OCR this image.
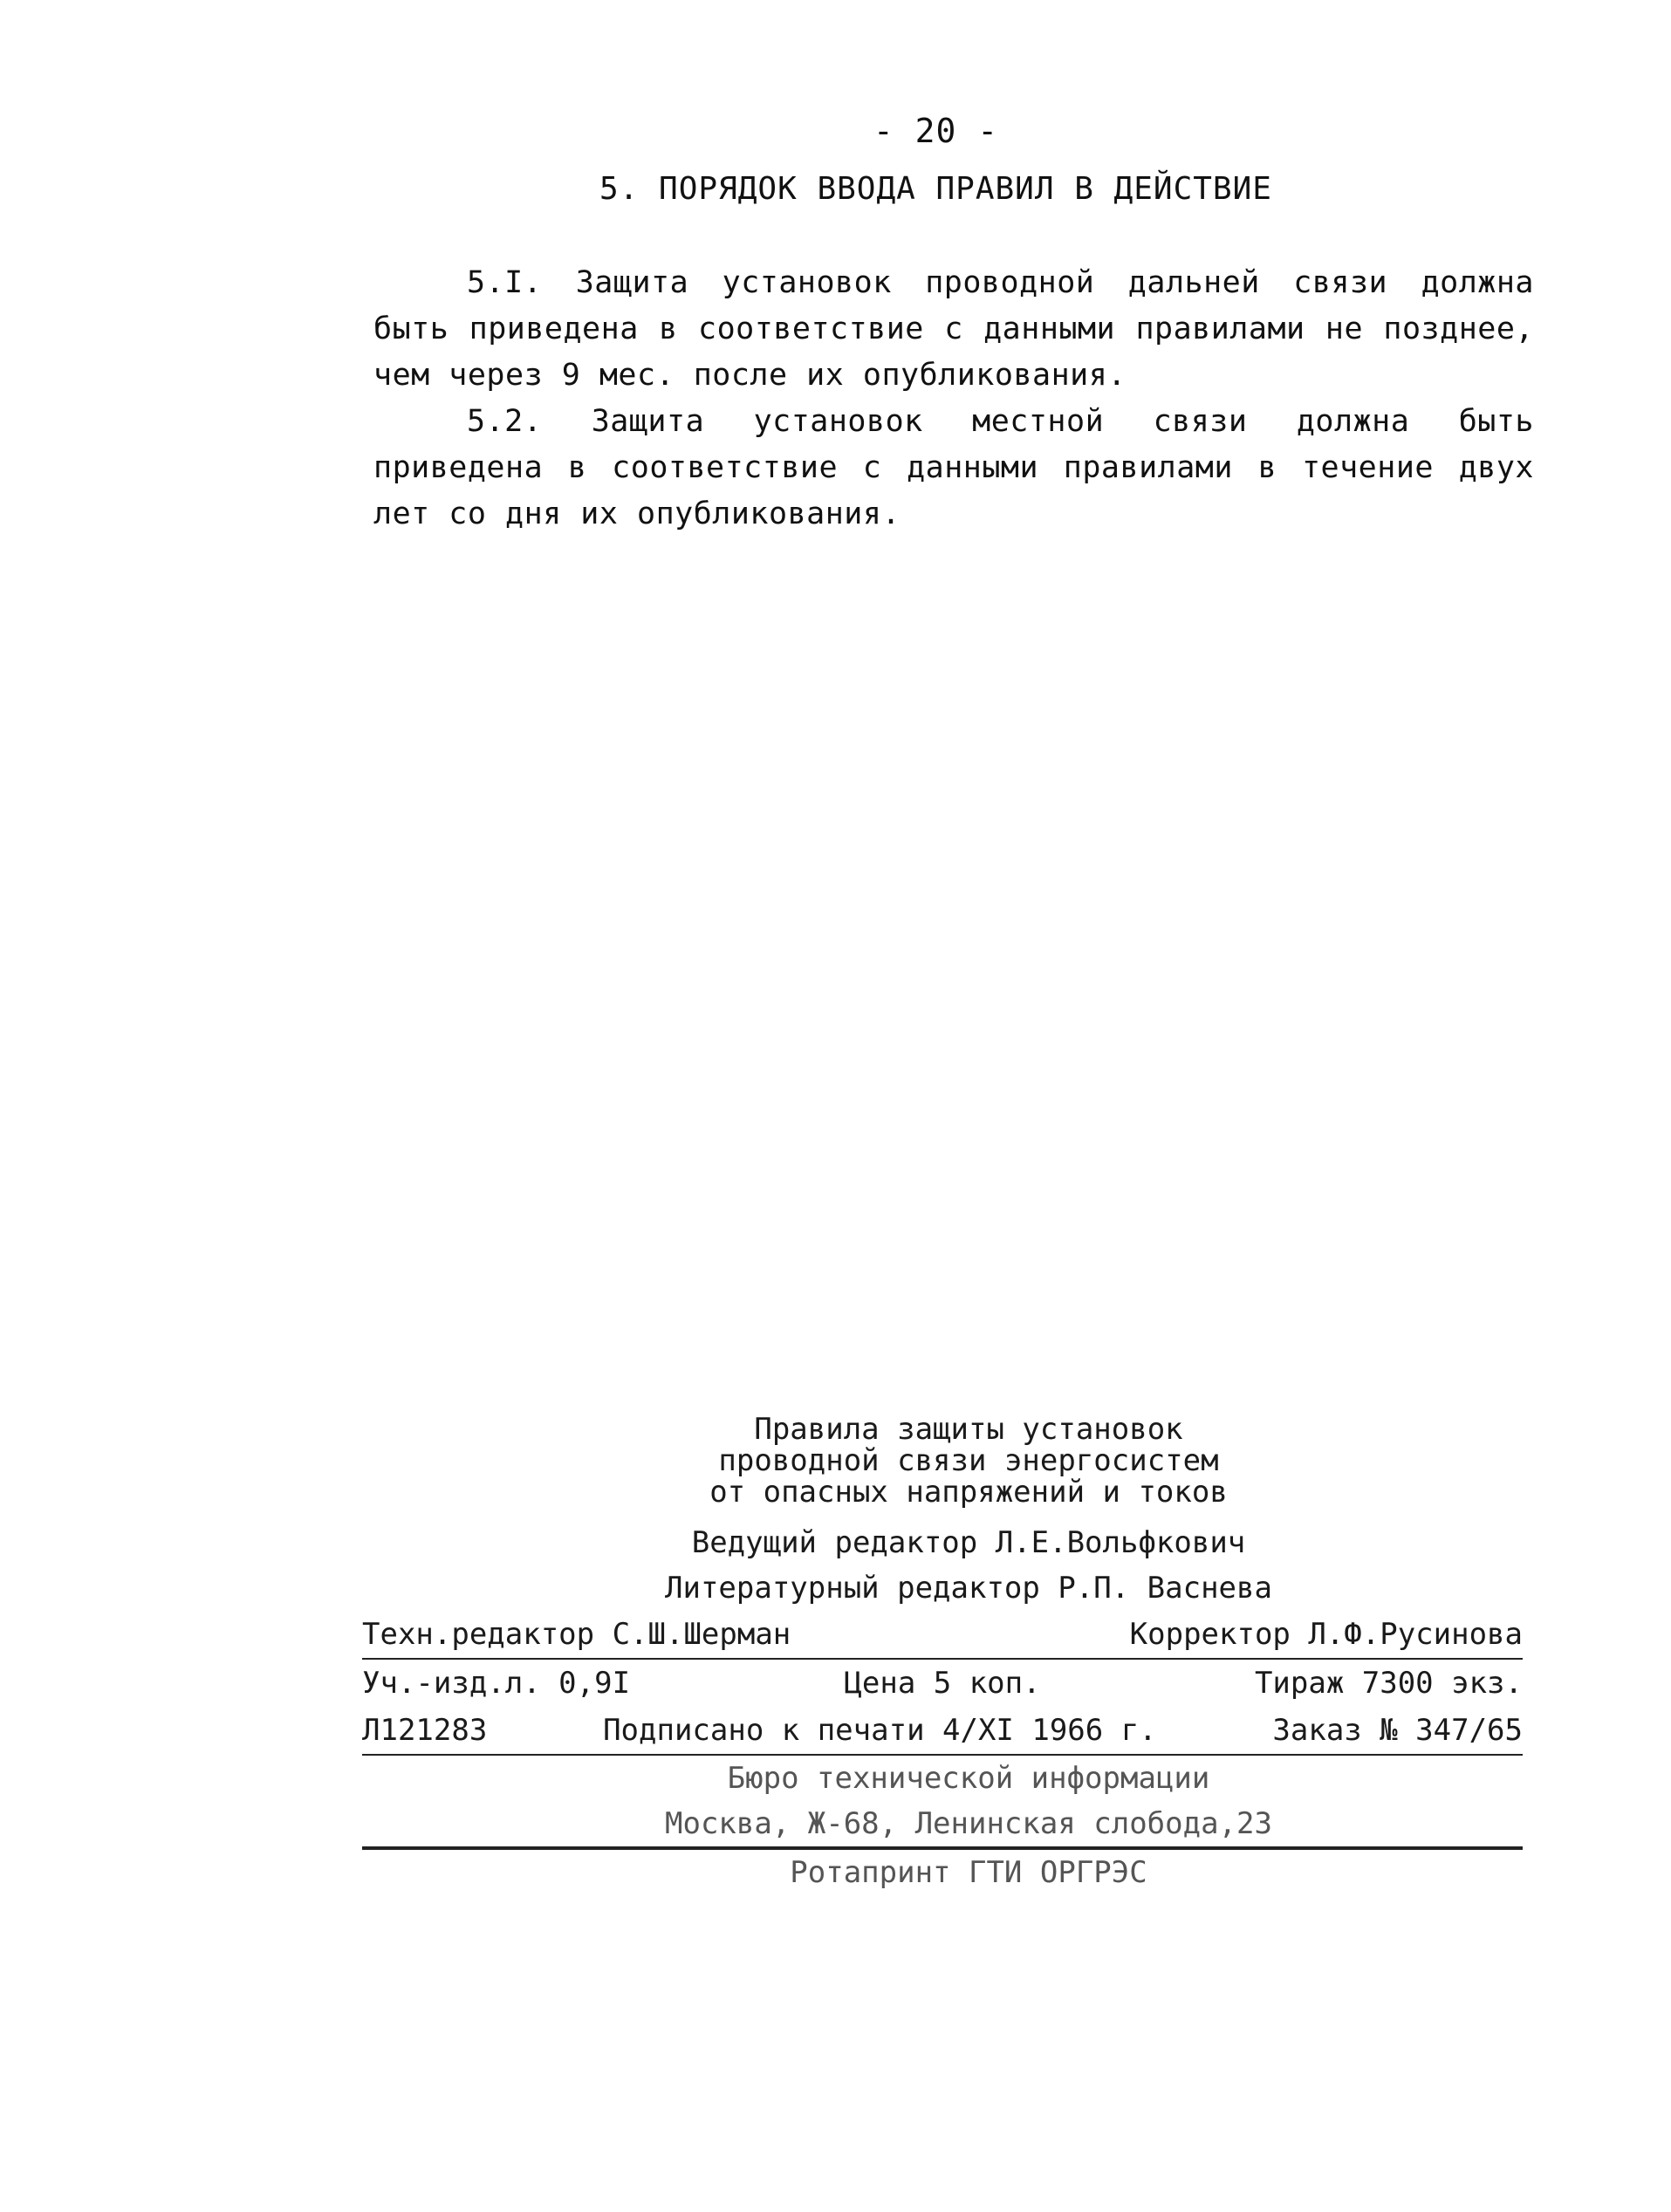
- 20 -
5. ПОРЯДОК ВВОДА ПРАВИЛ В ДЕЙСТВИЕ

5.I. Защита установок проводной дальней связи должна быть приведена в соответствие с данными правилами не позднее, чем через 9 мес. после их опубликования.

5.2. Защита установок местной связи должна быть приведена в соответствие с данными правилами в течение двух лет со дня их опубликования.

Правила защиты установок
проводной связи энергосистем
от опасных напряжений и токов
Ведущий редактор Л.Е.Вольфкович
Литературный редактор Р.П. Васнева
Техн.редактор С.Ш.Шерман	Корректор Л.Ф.Русинова
Уч.-изд.л. 0,9I	Цена 5 коп.	Тираж 7300 экз.
Л121283	Подписано к печати 4/XI 1966 г.	Заказ № 347/65
Бюро технической информации
Москва, Ж-68, Ленинская слобода,23
Ротапринт ГТИ ОРГРЭС
